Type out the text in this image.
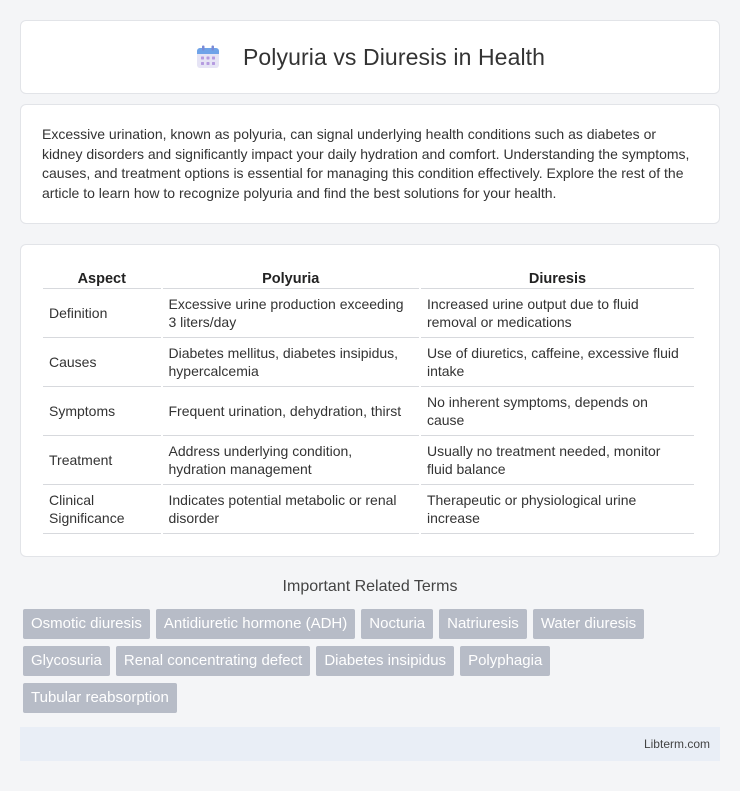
Polyuria vs Diuresis in Health

Excessive urination, known as polyuria, can signal underlying health conditions such as diabetes or kidney disorders and significantly impact your daily hydration and comfort. Understanding the symptoms, causes, and treatment options is essential for managing this condition effectively. Explore the rest of the article to learn how to recognize polyuria and find the best solutions for your health.

Aspect	Polyuria	Diuresis
Definition	Excessive urine production exceeding 3 liters/day	Increased urine output due to fluid removal or medications
Causes	Diabetes mellitus, diabetes insipidus, hypercalcemia	Use of diuretics, caffeine, excessive fluid intake
Symptoms	Frequent urination, dehydration, thirst	No inherent symptoms, depends on cause
Treatment	Address underlying condition, hydration management	Usually no treatment needed, monitor fluid balance
Clinical Significance	Indicates potential metabolic or renal disorder	Therapeutic or physiological urine increase
Important Related Terms
Osmotic diuresis	Antidiuretic hormone (ADH)	Nocturia	Natriuresis	Water diuresis
Glycosuria	Renal concentrating defect	Diabetes insipidus	Polyphagia
Tubular reabsorption
Libterm.com
